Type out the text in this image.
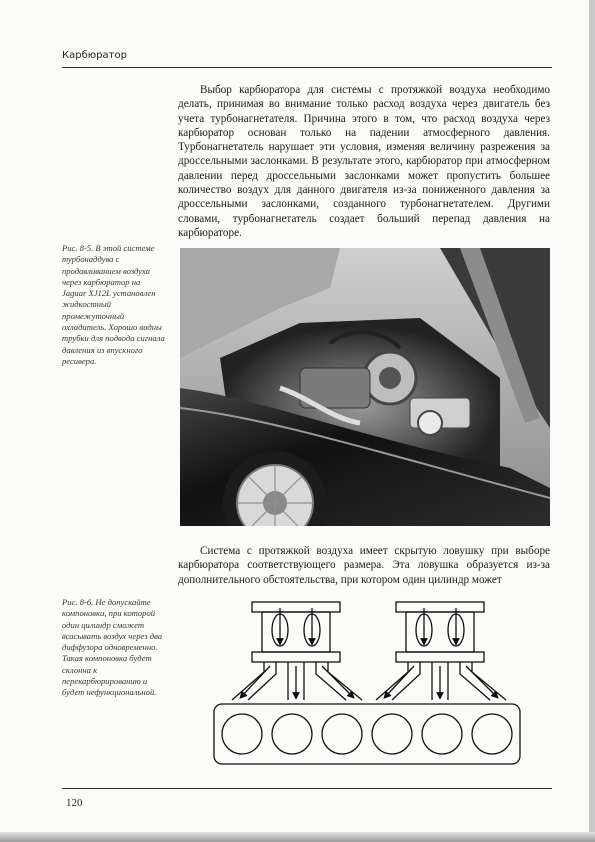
Карбюратор

Выбор карбюратора для системы с протяжкой воздуха необходимо делать, принимая во внимание только расход воздуха через двигатель без учета турбонагнетателя. Причина этого в том, что расход воздуха через карбюратор основан только на падении атмосферного давления. Турбонагнетатель нарушает эти условия, изменяя величину разрежения за дроссельными заслонками. В результате этого, карбюратор при атмосферном давлении перед дроссельными заслонками может пропустить большее количество воздух для данного двигателя из-за пониженного давления за дроссельными заслонками, созданного турбонагнетателем. Другими словами, турбонагнетатель создает больший перепад давления на карбюраторе.

Рис. 8-5. В этой системе турбонаддува с продавливанием воздуха через карбюратор на Jaguar XJ12L установлен жидкостный промежуточный охладитель. Хорошо видны трубки для подвода сигнала давления из впускного ресивера.

Система с протяжкой воздуха имеет скрытую ловушку при выборе карбюратора соответствующего размера. Эта ловушка образуется из-за дополнительного обстоятельства, при котором один цилиндр может

Рис. 8-6. Не допускайте компоновки, при которой один цилиндр сможет всасывать воздух через два диффузора одновременно. Такая компоновка будет склонна к перекарбюрированию и будет нефункциональной.

120
